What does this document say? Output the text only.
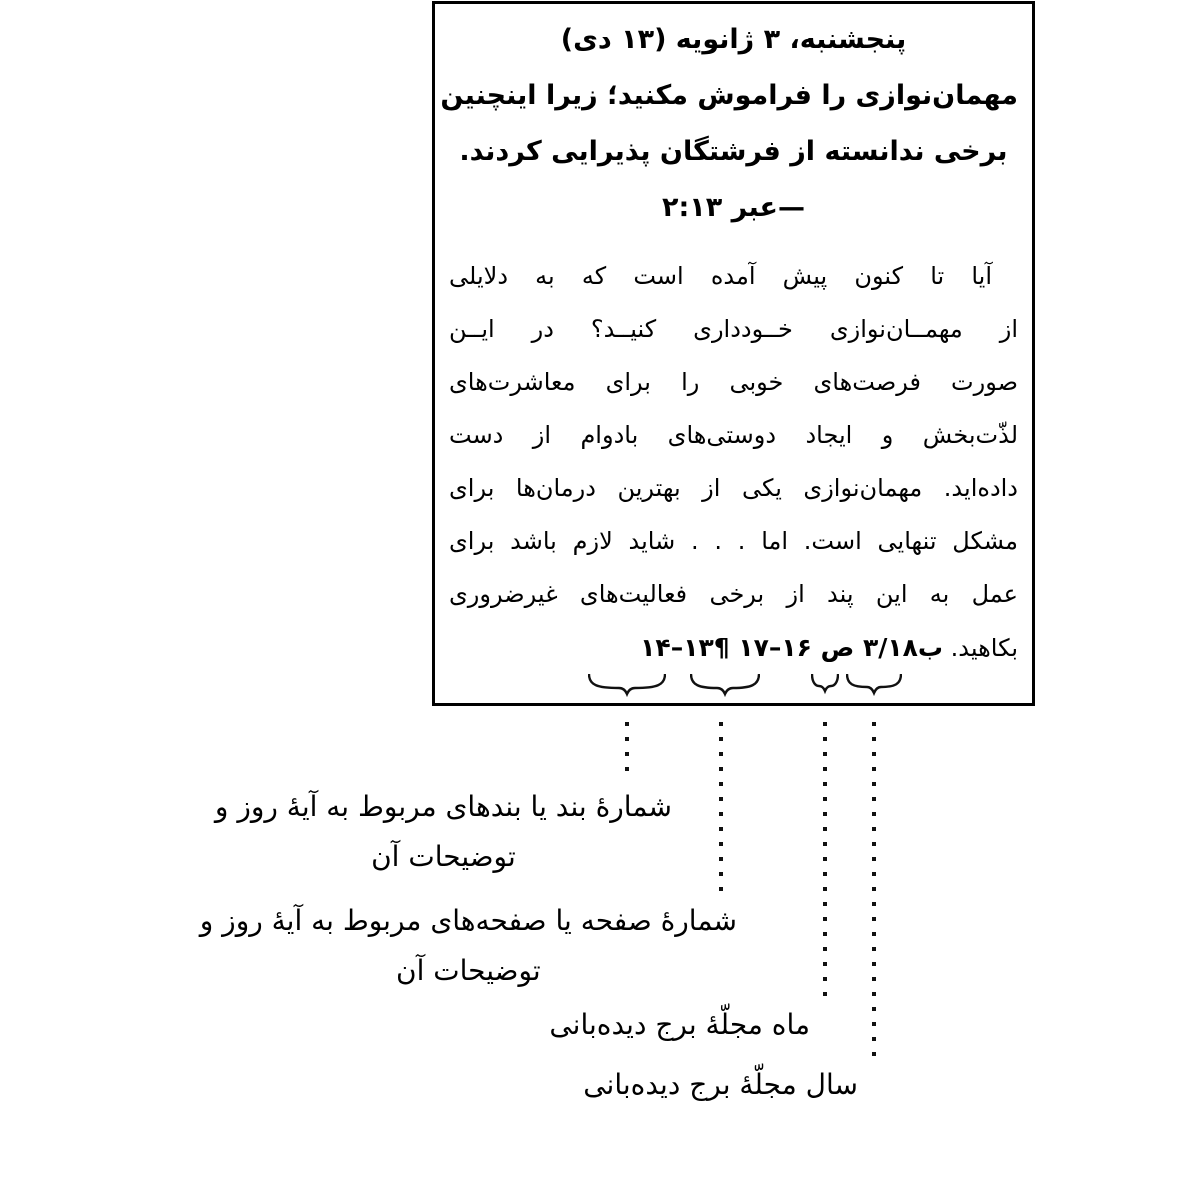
پنجشنبه، ۳ ژانویه (۱۳ دی)
مهمان‌نوازی را فراموش مکنید؛ زیرا اینچنین
برخی ندانسته از فرشتگان پذیرایی کردند.
—عبر ۲:۱۳
آیا تا کنون پیش آمده است که به دلایلی
از مهمــان‌نوازی خــودداری کنیــد؟ در ایــن
صورت فرصت‌های خوبی را برای معاشرت‌های
لذّت‌بخش و ایجاد دوستی‌های بادوام از دست
داده‌اید. مهمان‌نوازی یکی از بهترین درمان‌ها برای
مشکل تنهایی است. اما . . . شاید لازم باشد برای
عمل به این پند از برخی فعالیت‌های غیرضروری
بکاهید. ب۳/۱۸ ص ۱۶–۱۷ ¶۱۳–۱۴
شمارۀ بند یا بندهای مربوط به آیۀ روز و
توضیحات آن
شمارۀ صفحه یا صفحه‌های مربوط به آیۀ روز و
توضیحات آن
ماه مجلّۀ برج دیده‌بانی
سال مجلّۀ برج دیده‌بانی
